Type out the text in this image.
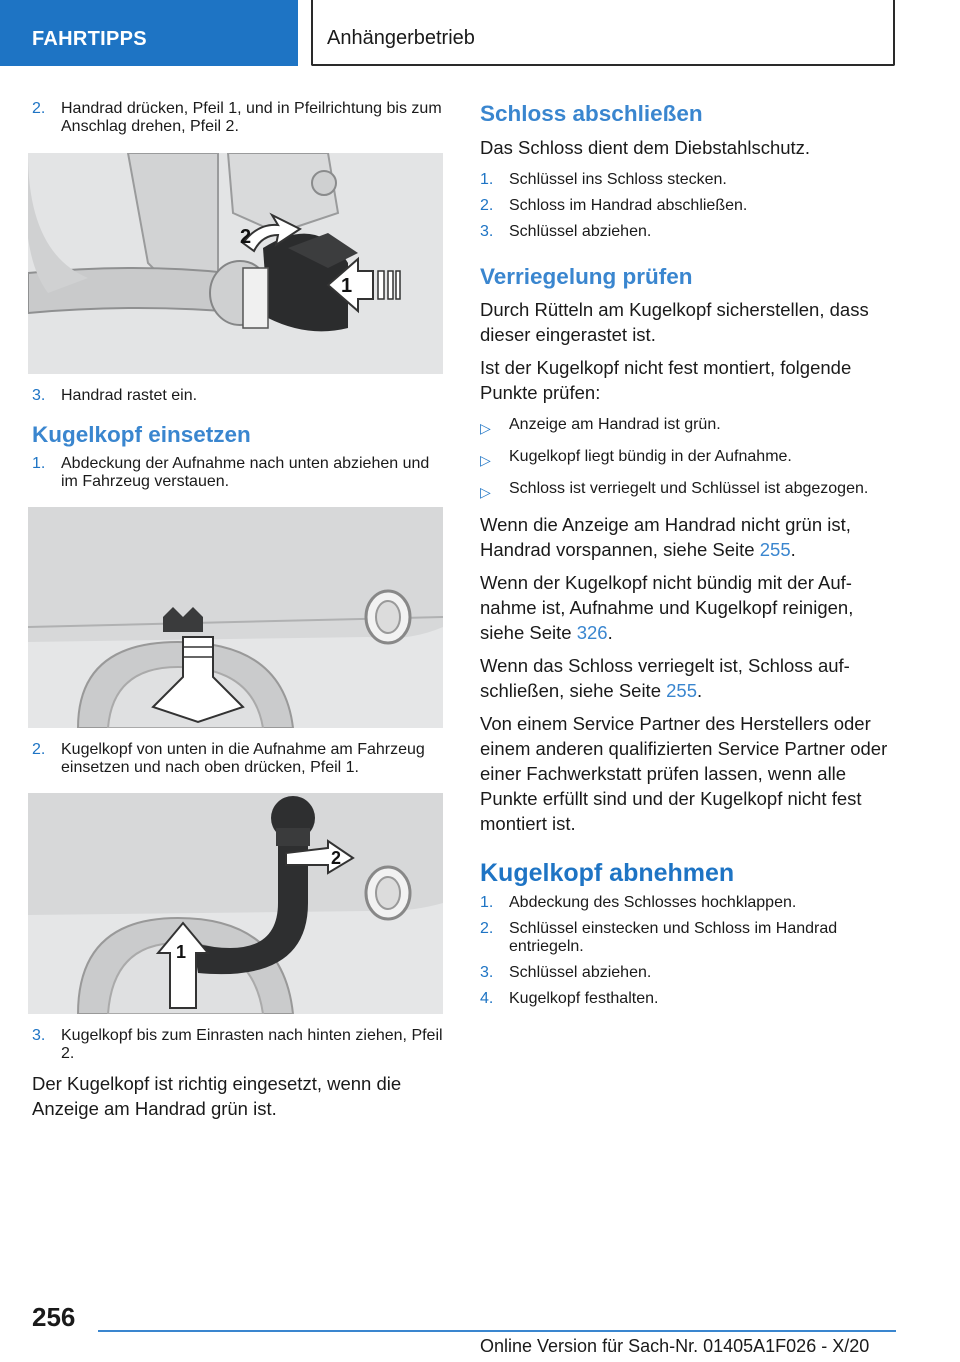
FAHRTIPPS	Anhängerbetrieb
2. Handrad drücken, Pfeil 1, und in Pfeilrichtung bis zum Anschlag drehen, Pfeil 2.
2
1
3. Handrad rastet ein.
Kugelkopf einsetzen
1. Abdeckung der Aufnahme nach unten abziehen und im Fahrzeug verstauen.
2. Kugelkopf von unten in die Aufnahme am Fahrzeug einsetzen und nach oben drücken, Pfeil 1.
2
1
3. Kugelkopf bis zum Einrasten nach hinten ziehen, Pfeil 2.

Der Kugelkopf ist richtig eingesetzt, wenn die Anzeige am Handrad grün ist.

Schloss abschließen

Das Schloss dient dem Diebstahlschutz.

1. Schlüssel ins Schloss stecken.
2. Schloss im Handrad abschließen.
3. Schlüssel abziehen.
Verriegelung prüfen

Durch Rütteln am Kugelkopf sicherstellen, dass dieser eingerastet ist.

Ist der Kugelkopf nicht fest montiert, folgende Punkte prüfen:

▷	Anzeige am Handrad ist grün.
▷	Kugelkopf liegt bündig in der Aufnahme.
▷	Schloss ist verriegelt und Schlüssel ist abgezogen.

Wenn die Anzeige am Handrad nicht grün ist, Handrad vorspannen, siehe Seite 255.

Wenn der Kugelkopf nicht bündig mit der Aufnahme ist, Aufnahme und Kugelkopf reinigen, siehe Seite 326.

Wenn das Schloss verriegelt ist, Schloss aufschließen, siehe Seite 255.

Von einem Service Partner des Herstellers oder einem anderen qualifizierten Service Partner oder einer Fachwerkstatt prüfen lassen, wenn alle Punkte erfüllt sind und der Kugelkopf nicht fest montiert ist.

Kugelkopf abnehmen
1. Abdeckung des Schlosses hochklappen.
2. Schlüssel einstecken und Schloss im Handrad entriegeln.
3. Schlüssel abziehen.
4. Kugelkopf festhalten.
256
Online Version für Sach-Nr. 01405A1F026 - X/20
